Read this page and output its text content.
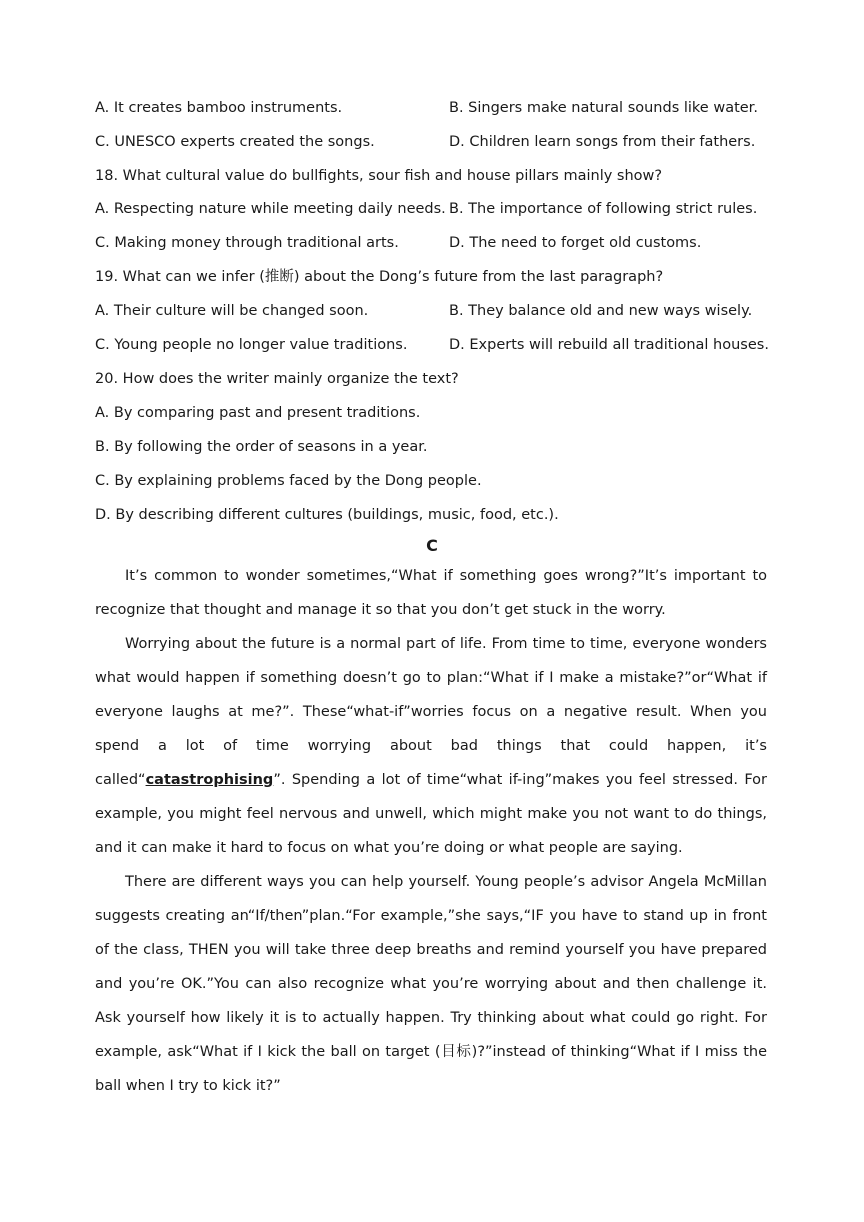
A. It creates bamboo instruments.	B. Singers make natural sounds like water.
C. UNESCO experts created the songs.	D. Children learn songs from their fathers.
18. What cultural value do bullfights, sour fish and house pillars mainly show?
A. Respecting nature while meeting daily needs. B. The importance of following strict rules.
C. Making money through traditional arts.	D. The need to forget old customs.
19. What can we infer (推断) about the Dong’s future from the last paragraph?
A. Their culture will be changed soon.	B. They balance old and new ways wisely.
C. Young people no longer value traditions.	D. Experts will rebuild all traditional houses.
20. How does the writer mainly organize the text?
A. By comparing past and present traditions.
B. By following the order of seasons in a year.
C. By explaining problems faced by the Dong people.
D. By describing different cultures (buildings, music, food, etc.).
C
It’s common to wonder sometimes,“What if something goes wrong?”It’s important to recognize that thought and manage it so that you don’t get stuck in the worry.
Worrying about the future is a normal part of life. From time to time, everyone wonders what would happen if something doesn’t go to plan:“What if I make a mistake?”or“What if everyone laughs at me?”. These“what-if”worries focus on a negative result. When you spend a lot of time worrying about bad things that could happen, it’s called“catastrophising”. Spending a lot of time“what if-ing”makes you feel stressed. For example, you might feel nervous and unwell, which might make you not want to do things, and it can make it hard to focus on what you’re doing or what people are saying.
There are different ways you can help yourself. Young people’s advisor Angela McMillan suggests creating an“If/then”plan.“For example,”she says,“IF you have to stand up in front of the class, THEN you will take three deep breaths and remind yourself you have prepared and you’re OK.”You can also recognize what you’re worrying about and then challenge it. Ask yourself how likely it is to actually happen. Try thinking about what could go right. For example, ask“What if I kick the ball on target (目标)?”instead of thinking“What if I miss the ball when I try to kick it?”
